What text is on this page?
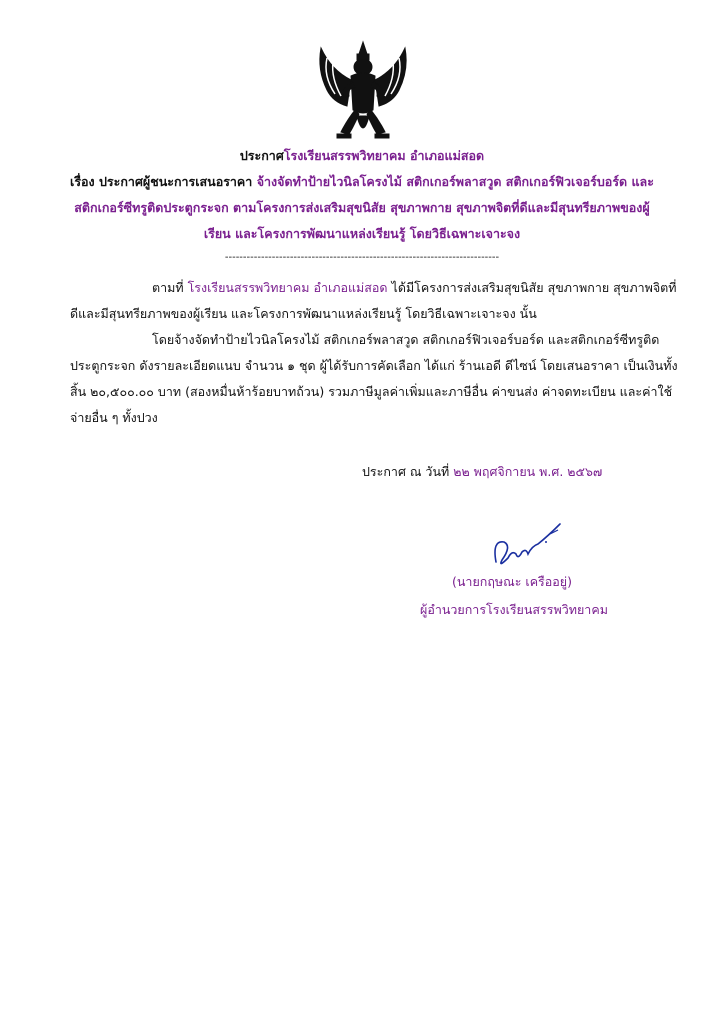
ประกาศโรงเรียนสรรพวิทยาคม อำเภอแม่สอด
เรื่อง ประกาศผู้ชนะการเสนอราคา จ้างจัดทำป้ายไวนิลโครงไม้ สติกเกอร์พลาสวูด สติกเกอร์ฟิวเจอร์บอร์ด และ
สติกเกอร์ซีทรูติดประตูกระจก ตามโครงการส่งเสริมสุขนิสัย สุขภาพกาย สุขภาพจิตที่ดีและมีสุนทรียภาพของผู้
เรียน และโครงการพัฒนาแหล่งเรียนรู้ โดยวิธีเฉพาะเจาะจง
----------------------------------------------------------------------------
ตามที่ โรงเรียนสรรพวิทยาคม อำเภอแม่สอด ได้มีโครงการส่งเสริมสุขนิสัย สุขภาพกาย สุขภาพจิตที่
ดีและมีสุนทรียภาพของผู้เรียน และโครงการพัฒนาแหล่งเรียนรู้ โดยวิธีเฉพาะเจาะจง นั้น
โดยจ้างจัดทำป้ายไวนิลโครงไม้ สติกเกอร์พลาสวูด สติกเกอร์ฟิวเจอร์บอร์ด และสติกเกอร์ซีทรูติด
ประตูกระจก ดังรายละเอียดแนบ จำนวน ๑ ชุด ผู้ได้รับการคัดเลือก ได้แก่ ร้านเอดี ดีไซน์ โดยเสนอราคา เป็นเงินทั้ง
สิ้น ๒๐,๕๐๐.๐๐ บาท (สองหมื่นห้าร้อยบาทถ้วน) รวมภาษีมูลค่าเพิ่มและภาษีอื่น ค่าขนส่ง ค่าจดทะเบียน และค่าใช้
จ่ายอื่น ๆ ทั้งปวง
ประกาศ ณ วันที่ ๒๒ พฤศจิกายน พ.ศ. ๒๕๖๗
(นายกฤษณะ เครืออยู่)
ผู้อำนวยการโรงเรียนสรรพวิทยาคม
